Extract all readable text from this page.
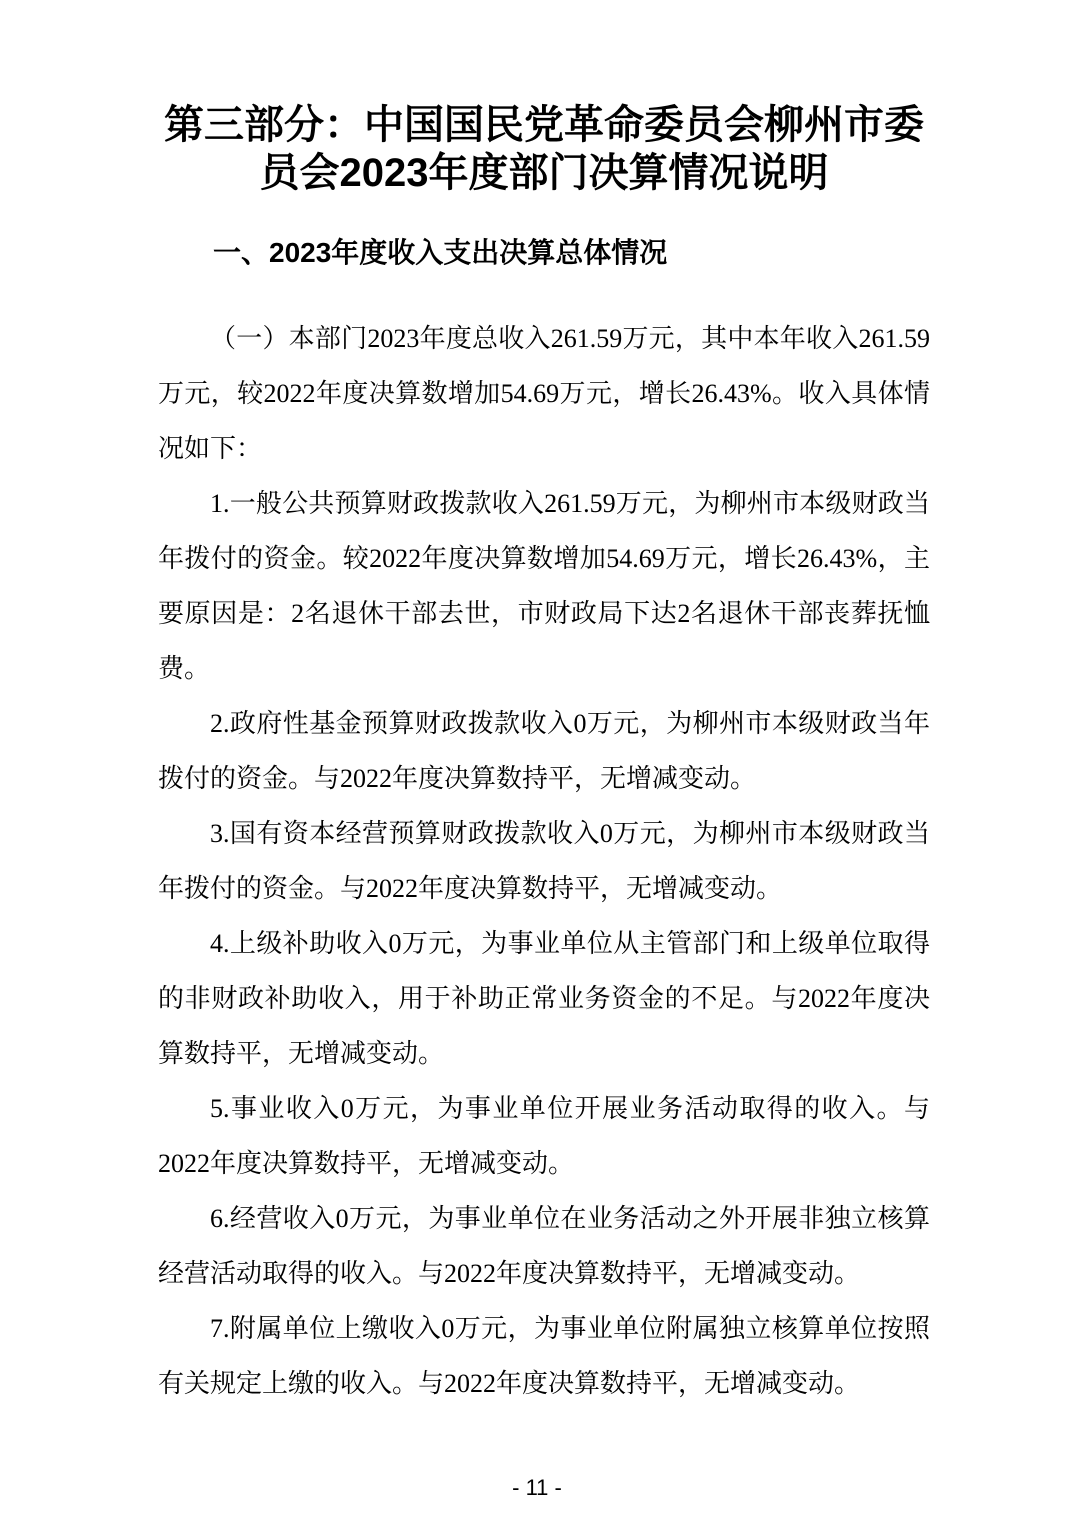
第三部分：中国国民党革命委员会柳州市委
员会2023年度部门决算情况说明
一、2023年度收入支出决算总体情况

（一）本部门2023年度总收入261.59万元，其中本年收入261.59万元，较2022年度决算数增加54.69万元，增长26.43%。收入具体情况如下：

1.一般公共预算财政拨款收入261.59万元，为柳州市本级财政当年拨付的资金。较2022年度决算数增加54.69万元，增长26.43%，主要原因是：2名退休干部去世，市财政局下达2名退休干部丧葬抚恤费。

2.政府性基金预算财政拨款收入0万元，为柳州市本级财政当年拨付的资金。与2022年度决算数持平，无增减变动。

3.国有资本经营预算财政拨款收入0万元，为柳州市本级财政当年拨付的资金。与2022年度决算数持平，无增减变动。

4.上级补助收入0万元，为事业单位从主管部门和上级单位取得的非财政补助收入，用于补助正常业务资金的不足。与2022年度决算数持平，无增减变动。

5.事业收入0万元，为事业单位开展业务活动取得的收入。与2022年度决算数持平，无增减变动。

6.经营收入0万元，为事业单位在业务活动之外开展非独立核算经营活动取得的收入。与2022年度决算数持平，无增减变动。

7.附属单位上缴收入0万元，为事业单位附属独立核算单位按照有关规定上缴的收入。与2022年度决算数持平，无增减变动。

- 11 -
